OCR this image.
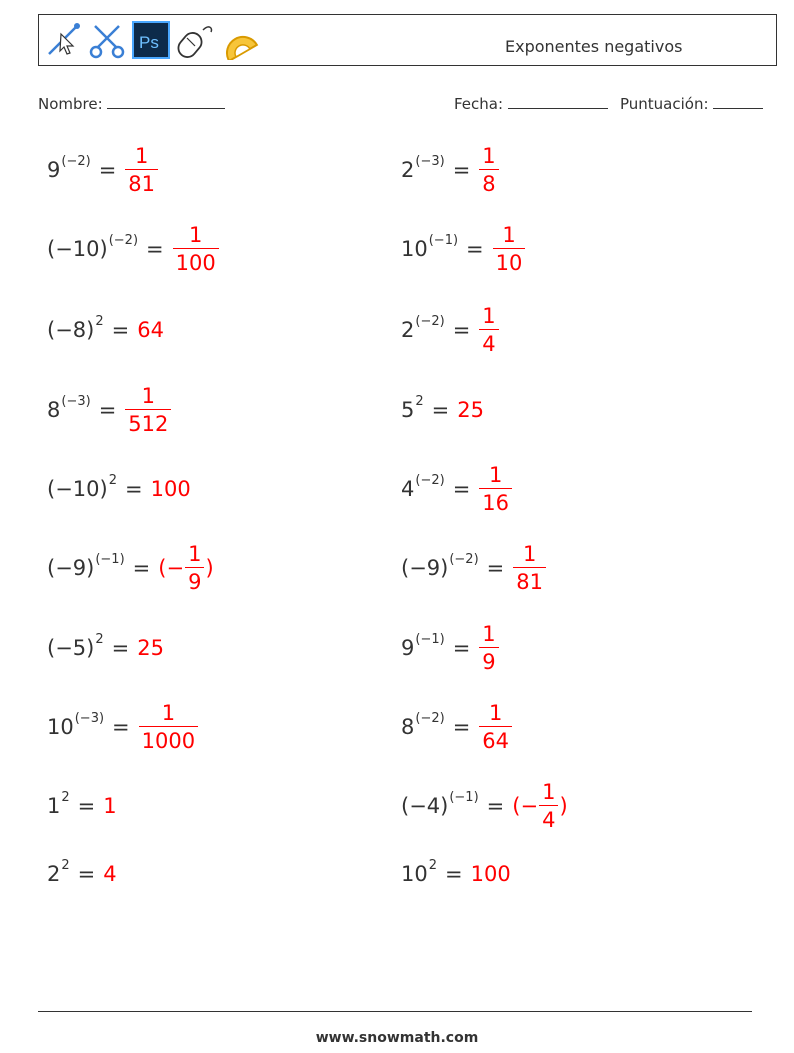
Ps	Exponentes negativos
Nombre:	Fecha:	Puntuación:
9 $(-2) = \frac{1}{81}$	2 $(-3) = \frac{1}{8}$
(−10) $(-2) = \frac{1}{100}$	10 $(-1) = \frac{1}{10}$
(−8) 2 = 64	2 $(-2) = \frac{1}{4}$
8 $(-3) = \frac{1}{512}$	5 2 = 25
(−10) 2 = 100	4 $(-2) = \frac{1}{16}$
(−9) (−1) = (− $\frac{1}{9}$ )	(−9) $(-2) = \frac{1}{81}$
(−5) 2 = 25	9 $(-1) = \frac{1}{9}$
10 $(-3) = \frac{1}{1000}$	8 $(-2) = \frac{1}{64}$
1 2 = 1	(−4) (−1) = (− $\frac{1}{4}$ )
2 2 = 4	10 2 = 100
www.snowmath.com
